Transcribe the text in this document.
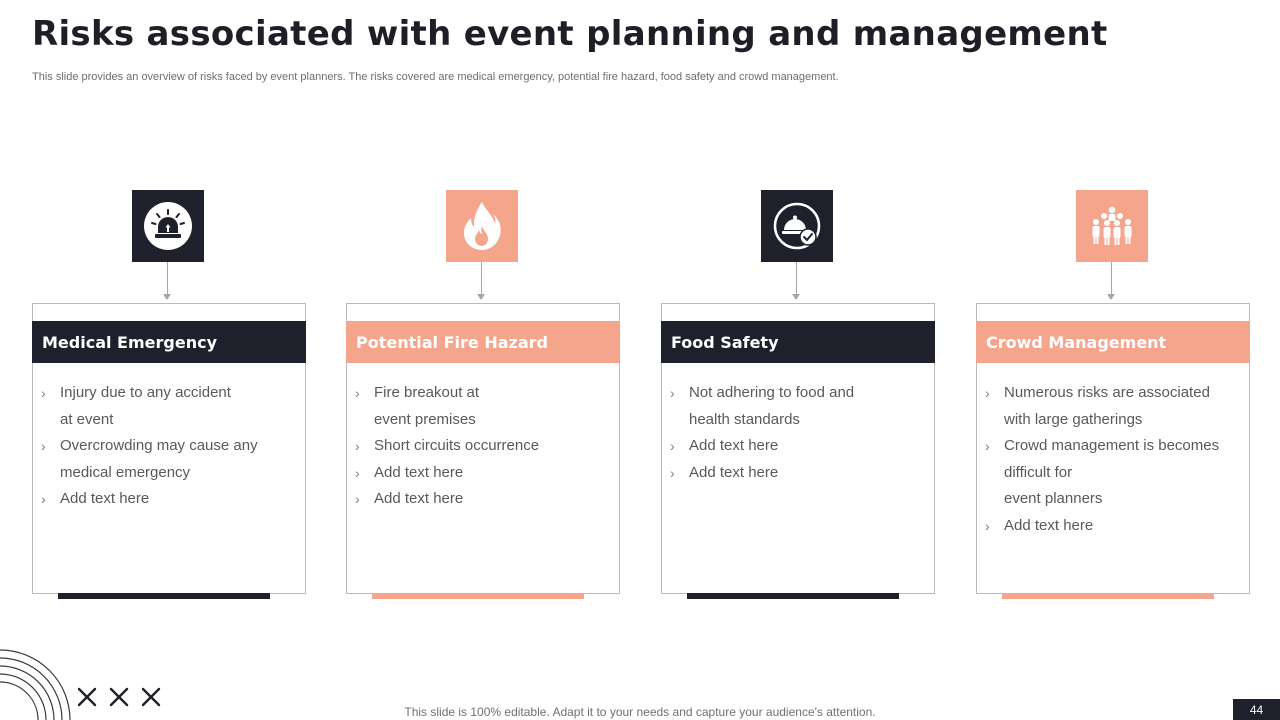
Risks associated with event planning and management
This slide provides an overview of risks faced by event planners. The risks covered are medical emergency, potential fire hazard, food safety and crowd management.
Medical Emergency
› Injury due to any accident
at event
› Overcrowding may cause any
medical emergency
› Add text here
Potential Fire Hazard
› Fire breakout at
event premises
› Short circuits occurrence
› Add text here
› Add text here
Food Safety
› Not adhering to food and
health standards
› Add text here
› Add text here
Crowd Management
› Numerous risks are associated
with large gatherings
› Crowd management is becomes
difficult for
event planners
› Add text here
This slide is 100% editable. Adapt it to your needs and capture your audience's attention.	44
